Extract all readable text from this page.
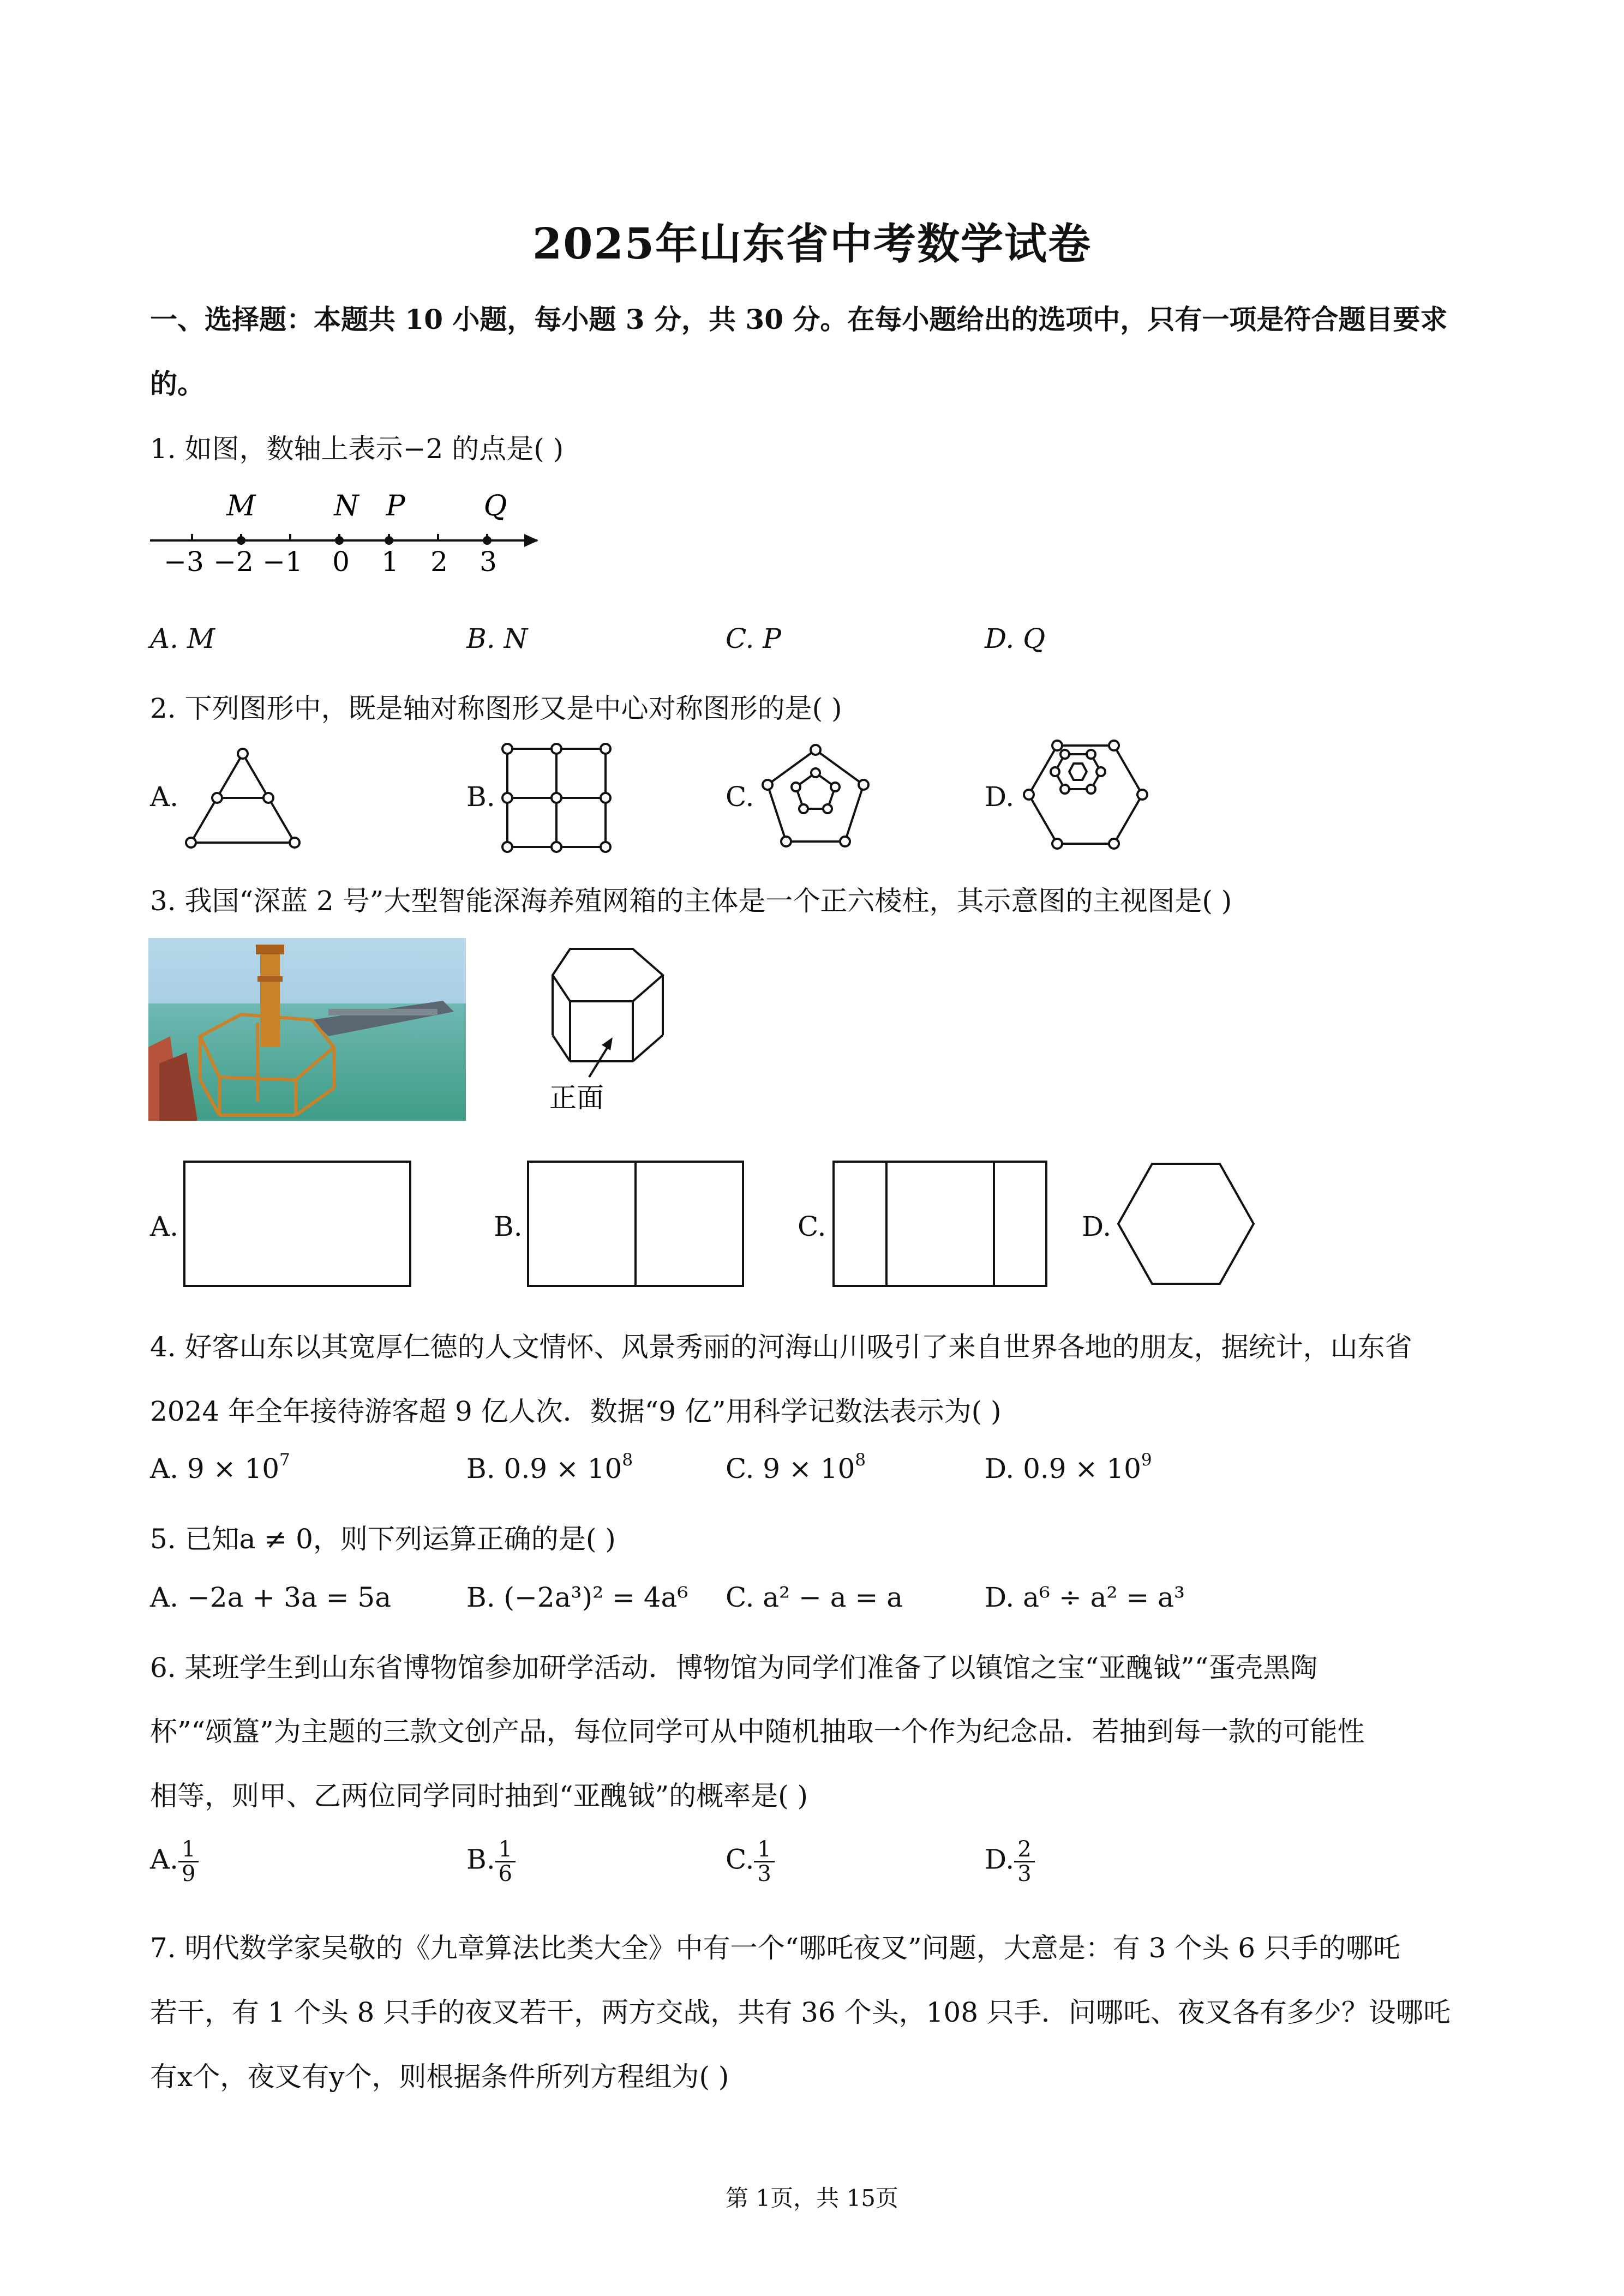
2025年山东省中考数学试卷
一、选择题：本题共 10 小题，每小题 3 分，共 30 分。在每小题给出的选项中，只有一项是符合题目要求
的。
1. 如图，数轴上表示−2 的点是( )
M	N P	Q
−3 −2 −1 0 1 2 3
A. M	B. N	C. P	D. Q
2. 下列图形中，既是轴对称图形又是中心对称图形的是( )
A.	B.	C.	D.
3. 我国“深蓝 2 号”大型智能深海养殖网箱的主体是一个正六棱柱，其示意图的主视图是( )
正面
A.	B.	C.	D.
4. 好客山东以其宽厚仁德的人文情怀、风景秀丽的河海山川吸引了来自世界各地的朋友，据统计，山东省
2024 年全年接待游客超 9 亿人次．数据“9 亿”用科学记数法表示为( )
A. $9 \times 10^7$	B. $0.9 \times 10^8$	C. $9 \times 10^8$	D. $0.9 \times 10^9$
5. 已知a ≠ 0，则下列运算正确的是( )
A. −2a + 3a = 5a	B. (−2a³)² = 4a⁶ C. a² − a = a	D. a⁶ ÷ a² = a³
6. 某班学生到山东省博物馆参加研学活动．博物馆为同学们准备了以镇馆之宝“亚醜钺”“蛋壳黑陶
杯”“颂簋”为主题的三款文创产品，每位同学可从中随机抽取一个作为纪念品．若抽到每一款的可能性
相等，则甲、乙两位同学同时抽到“亚醜钺”的概率是( )
A. $\frac{1}{9}$	B. $\frac{1}{6}$	C. $\frac{1}{3}$	D. $\frac{2}{3}$
7. 明代数学家吴敬的《九章算法比类大全》中有一个“哪吒夜叉”问题，大意是：有 3 个头 6 只手的哪吒
若干，有 1 个头 8 只手的夜叉若干，两方交战，共有 36 个头，108 只手．问哪吒、夜叉各有多少？设哪吒
有x个，夜叉有y个，则根据条件所列方程组为( )
第 1页，共 15页
